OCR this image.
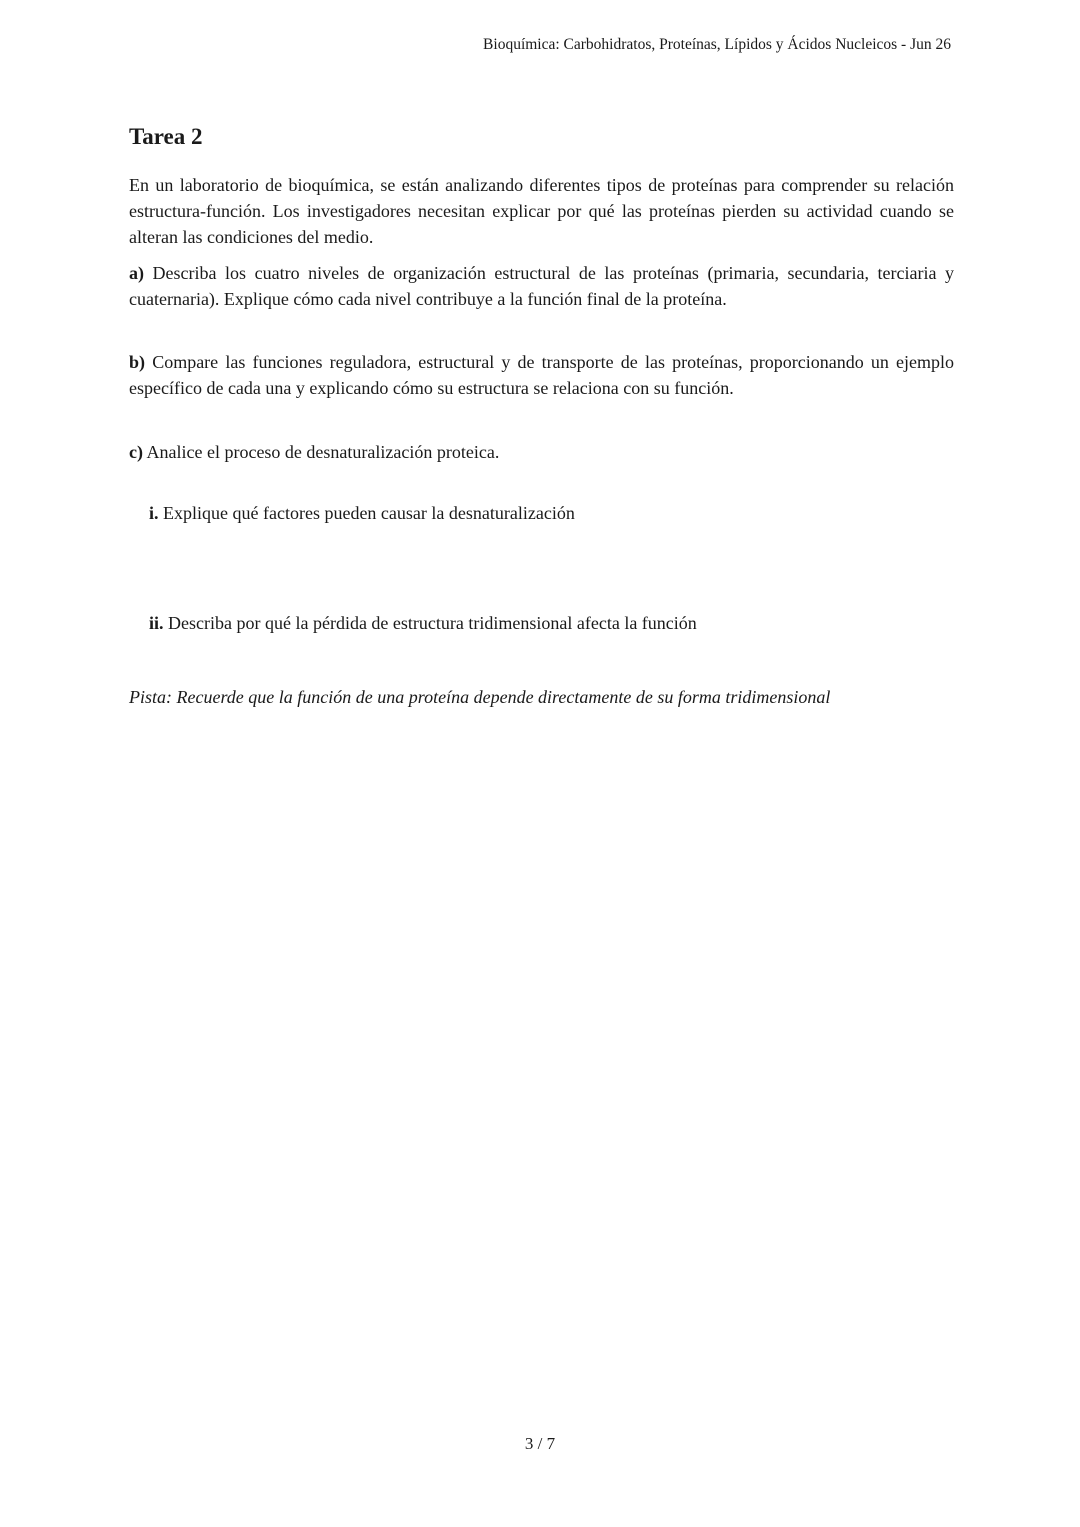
Bioquímica: Carbohidratos, Proteínas, Lípidos y Ácidos Nucleicos - Jun 26
Tarea 2

En un laboratorio de bioquímica, se están analizando diferentes tipos de proteínas para comprender su relación estructura-función. Los investigadores necesitan explicar por qué las proteínas pierden su actividad cuando se alteran las condiciones del medio.

a) Describa los cuatro niveles de organización estructural de las proteínas (primaria, secundaria, terciaria y cuaternaria). Explique cómo cada nivel contribuye a la función final de la proteína.

b) Compare las funciones reguladora, estructural y de transporte de las proteínas, proporcionando un ejemplo específico de cada una y explicando cómo su estructura se relaciona con su función.

c) Analice el proceso de desnaturalización proteica.

i. Explique qué factores pueden causar la desnaturalización

ii. Describa por qué la pérdida de estructura tridimensional afecta la función

Pista: Recuerde que la función de una proteína depende directamente de su forma tridimensional

3 / 7
